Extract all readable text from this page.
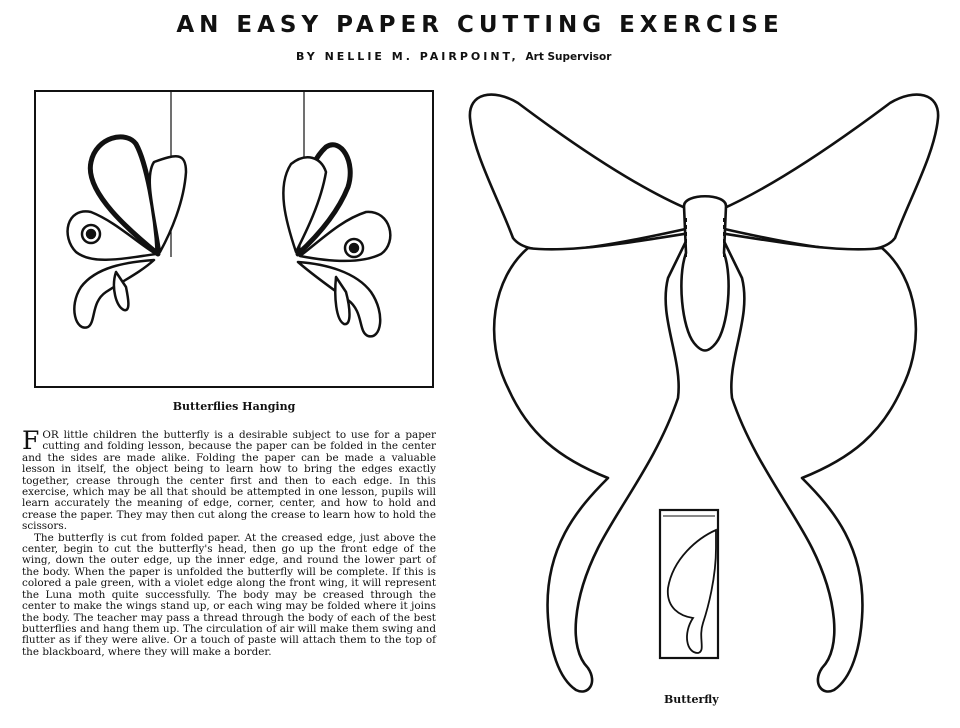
AN EASY PAPER CUTTING EXERCISE
BY NELLIE M. PAIRPOINT, Art Supervisor
Butterflies Hanging

FOR little children the butterfly is a desirable subject to use for a paper cutting and folding lesson, because the paper can be folded in the center and the sides are made alike. Folding the paper can be made a valuable lesson in itself, the object being to learn how to bring the edges exactly together, crease through the center first and then to each edge. In this exercise, which may be all that should be attempted in one lesson, pupils will learn accurately the meaning of edge, corner, center, and how to hold and crease the paper. They may then cut along the crease to learn how to hold the scissors.

The butterfly is cut from folded paper. At the creased edge, just above the center, begin to cut the butterfly's head, then go up the front edge of the wing, down the outer edge, up the inner edge, and round the lower part of the body. When the paper is unfolded the butterfly will be complete. If this is colored a pale green, with a violet edge along the front wing, it will represent the Luna moth quite successfully. The body may be creased through the center to make the wings stand up, or each wing may be folded where it joins the body. The teacher may pass a thread through the body of each of the best butterflies and hang them up. The circulation of air will make them swing and flutter as if they were alive. Or a touch of paste will attach them to the top of the blackboard, where they will make a border.

Butterfly
